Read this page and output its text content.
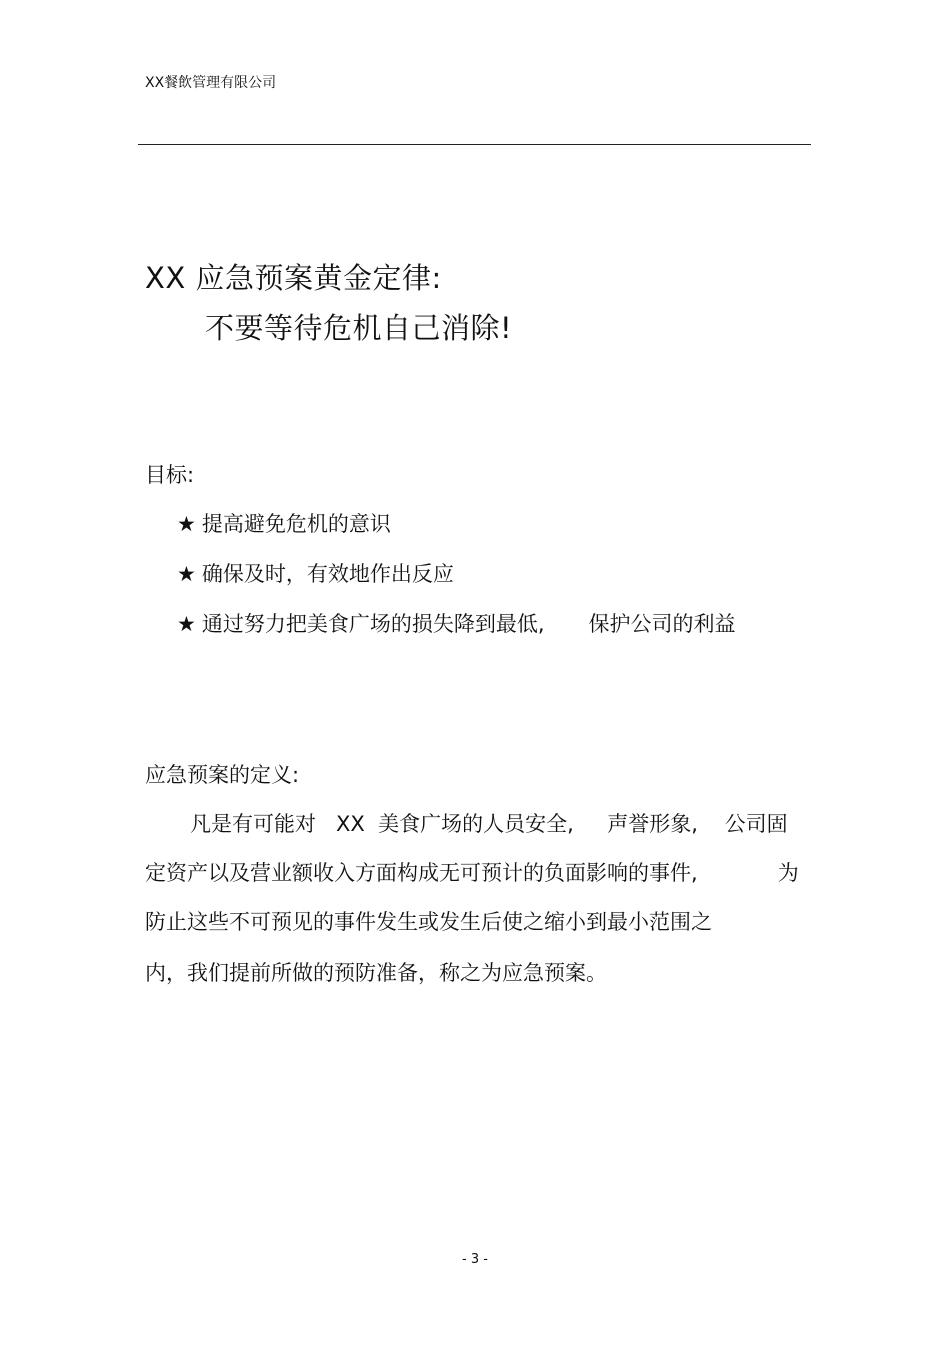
XX餐飲管理有限公司
XX 应急预案黄金定律:
不要等待危机自己消除!
目标:
★ 提高避免危机的意识
★ 确保及时，有效地作出反应
★ 通过努力把美食广场的损失降到最低, 保护公司的利益
应急预案的定义:
凡是有可能对   XX  美食广场的人员安全,     声誉形象,    公司固
定资产以及营业额收入方面构成无可预计的负面影响的事件,            为
防止这些不可预见的事件发生或发生后使之缩小到最小范围之
内，我们提前所做的预防准备，称之为应急预案。
- 3 -
